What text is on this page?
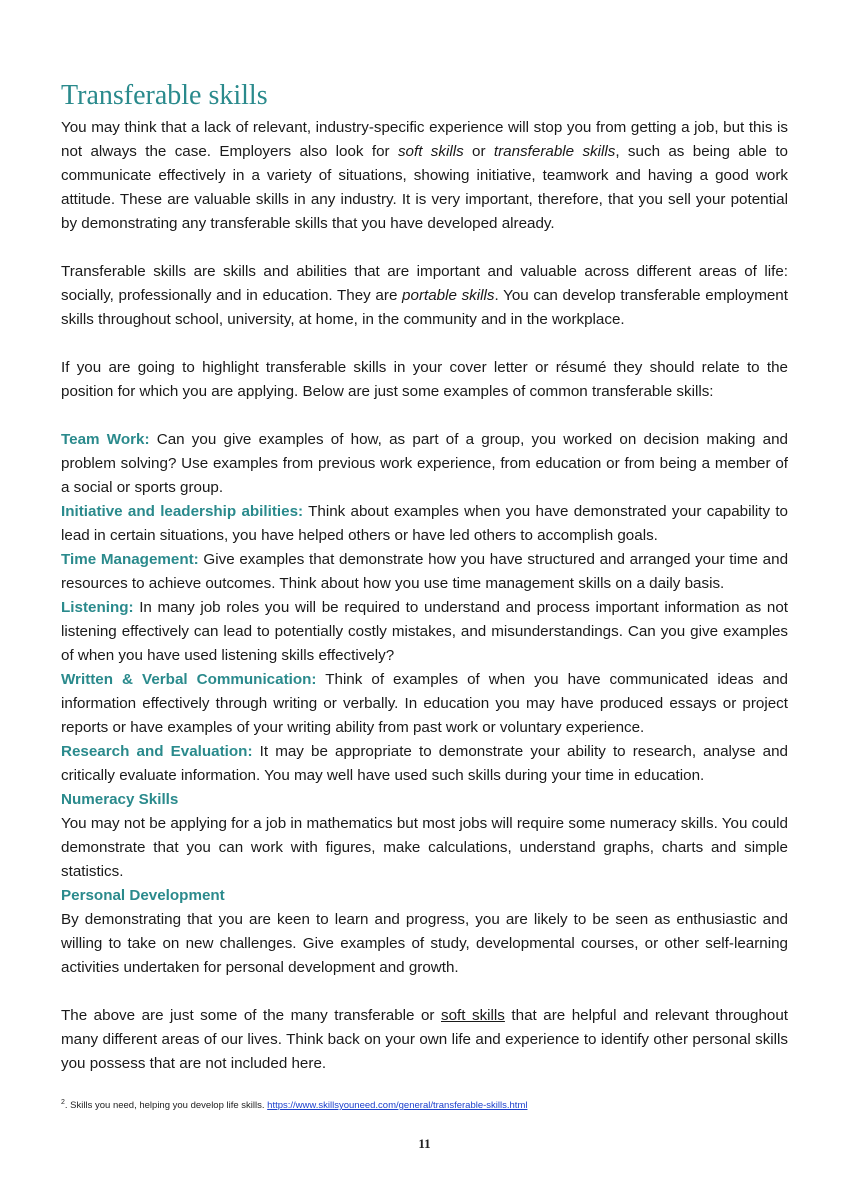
Transferable skills

You may think that a lack of relevant, industry-specific experience will stop you from getting a job, but this is not always the case. Employers also look for soft skills or transferable skills, such as being able to communicate effectively in a variety of situations, showing initiative, teamwork and having a good work attitude. These are valuable skills in any industry. It is very important, therefore, that you sell your potential by demonstrating any transferable skills that you have developed already.

Transferable skills are skills and abilities that are important and valuable across different areas of life: socially, professionally and in education. They are portable skills. You can develop transferable employment skills throughout school, university, at home, in the community and in the workplace.

If you are going to highlight transferable skills in your cover letter or résumé they should relate to the position for which you are applying. Below are just some examples of common transferable skills:

Team Work: Can you give examples of how, as part of a group, you worked on decision making and problem solving? Use examples from previous work experience, from education or from being a member of a social or sports group.

Initiative and leadership abilities: Think about examples when you have demonstrated your capability to lead in certain situations, you have helped others or have led others to accomplish goals.

Time Management: Give examples that demonstrate how you have structured and arranged your time and resources to achieve outcomes. Think about how you use time management skills on a daily basis.

Listening: In many job roles you will be required to understand and process important information as not listening effectively can lead to potentially costly mistakes, and misunderstandings. Can you give examples of when you have used listening skills effectively?

Written & Verbal Communication: Think of examples of when you have communicated ideas and information effectively through writing or verbally. In education you may have produced essays or project reports or have examples of your writing ability from past work or voluntary experience.

Research and Evaluation: It may be appropriate to demonstrate your ability to research, analyse and critically evaluate information. You may well have used such skills during your time in education.

Numeracy Skills

You may not be applying for a job in mathematics but most jobs will require some numeracy skills. You could demonstrate that you can work with figures, make calculations, understand graphs, charts and simple statistics.

Personal Development

By demonstrating that you are keen to learn and progress, you are likely to be seen as enthusiastic and willing to take on new challenges. Give examples of study, developmental courses, or other self-learning activities undertaken for personal development and growth.

The above are just some of the many transferable or soft skills that are helpful and relevant throughout many different areas of our lives. Think back on your own life and experience to identify other personal skills you possess that are not included here.

$^2$. Skills you need, helping you develop life skills. https://www.skillsyouneed.com/general/transferable-skills.html
11
